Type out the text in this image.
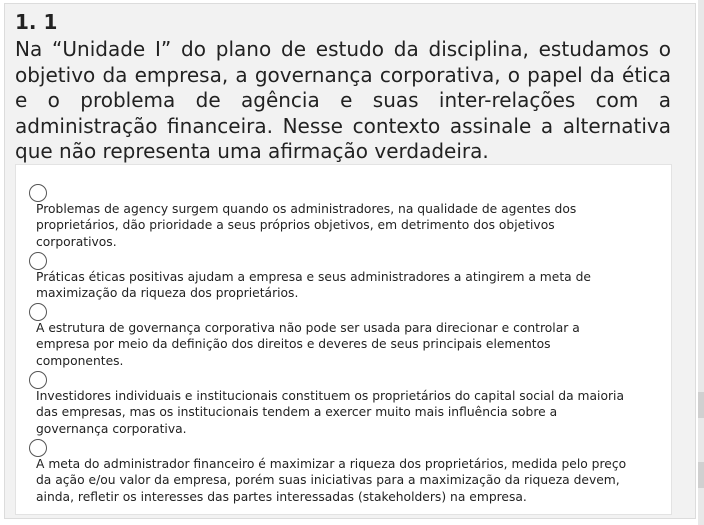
1. 1
Na “Unidade I” do plano de estudo da disciplina, estudamos o objetivo da empresa, a governança corporativa, o papel da ética e o problema de agência e suas inter-relações com a administração financeira. Nesse contexto assinale a alternativa que não representa uma afirmação verdadeira.
Problemas de agency surgem quando os administradores, na qualidade de agentes dos proprietários, dão prioridade a seus próprios objetivos, em detrimento dos objetivos corporativos.
Práticas éticas positivas ajudam a empresa e seus administradores a atingirem a meta de maximização da riqueza dos proprietários.
A estrutura de governança corporativa não pode ser usada para direcionar e controlar a empresa por meio da definição dos direitos e deveres de seus principais elementos componentes.
Investidores individuais e institucionais constituem os proprietários do capital social da maioria das empresas, mas os institucionais tendem a exercer muito mais influência sobre a governança corporativa.
A meta do administrador financeiro é maximizar a riqueza dos proprietários, medida pelo preço da ação e/ou valor da empresa, porém suas iniciativas para a maximização da riqueza devem, ainda, refletir os interesses das partes interessadas (stakeholders) na empresa.
